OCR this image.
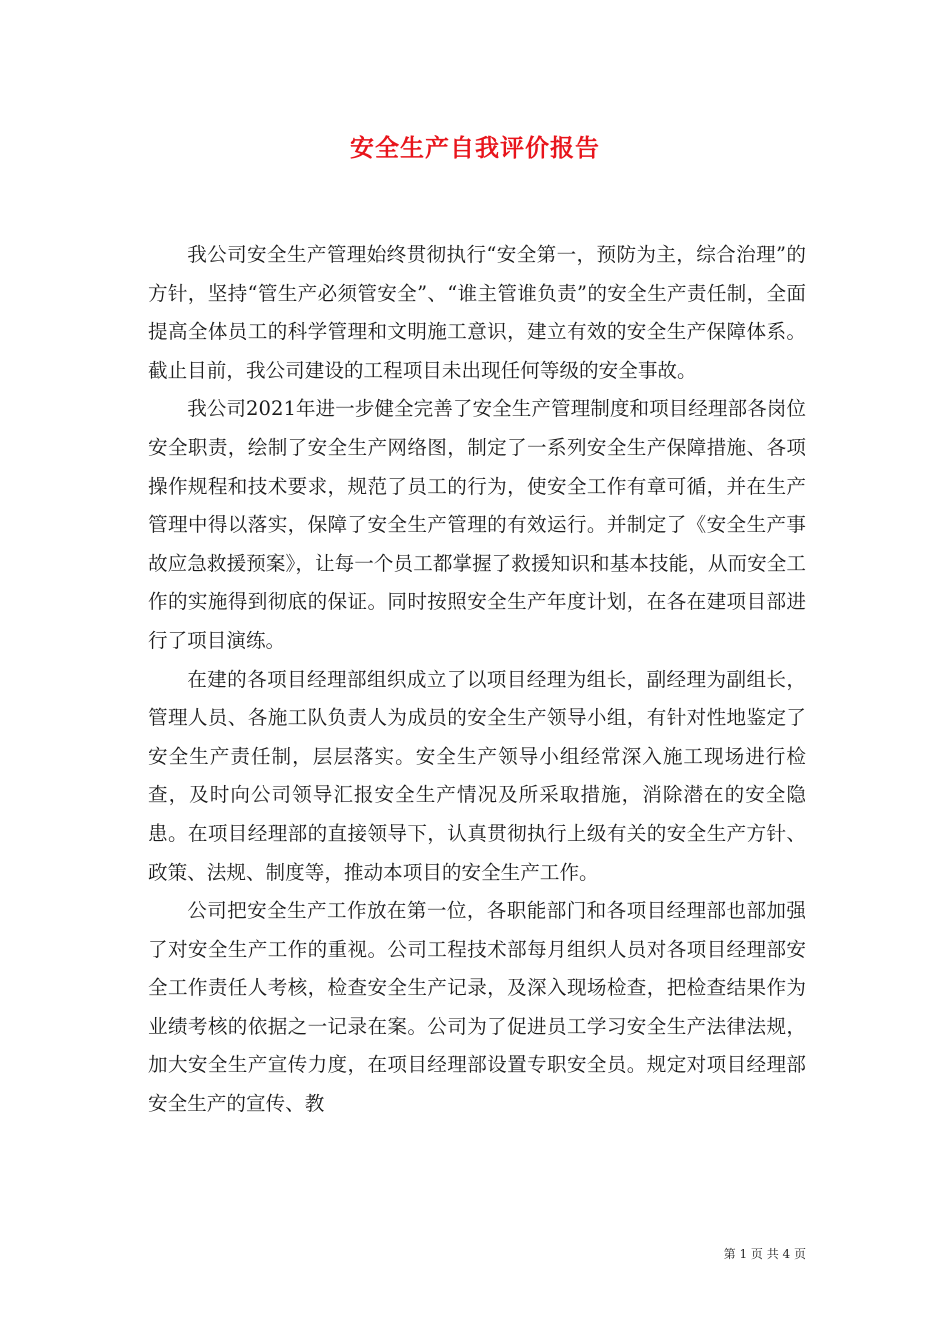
安全生产自我评价报告

我公司安全生产管理始终贯彻执行“安全第一，预防为主，综合治理”的方针，坚持“管生产必须管安全”、“谁主管谁负责”的安全生产责任制，全面提高全体员工的科学管理和文明施工意识，建立有效的安全生产保障体系。截止目前，我公司建设的工程项目未出现任何等级的安全事故。

我公司2021年进一步健全完善了安全生产管理制度和项目经理部各岗位安全职责，绘制了安全生产网络图，制定了一系列安全生产保障措施、各项操作规程和技术要求，规范了员工的行为，使安全工作有章可循，并在生产管理中得以落实，保障了安全生产管理的有效运行。并制定了《安全生产事故应急救援预案》，让每一个员工都掌握了救援知识和基本技能，从而安全工作的实施得到彻底的保证。同时按照安全生产年度计划，在各在建项目部进行了项目演练。

在建的各项目经理部组织成立了以项目经理为组长，副经理为副组长，管理人员、各施工队负责人为成员的安全生产领导小组，有针对性地鉴定了安全生产责任制，层层落实。安全生产领导小组经常深入施工现场进行检查，及时向公司领导汇报安全生产情况及所采取措施，消除潜在的安全隐患。在项目经理部的直接领导下，认真贯彻执行上级有关的安全生产方针、政策、法规、制度等，推动本项目的安全生产工作。

公司把安全生产工作放在第一位，各职能部门和各项目经理部也部加强了对安全生产工作的重视。公司工程技术部每月组织人员对各项目经理部安全工作责任人考核，检查安全生产记录，及深入现场检查，把检查结果作为业绩考核的依据之一记录在案。公司为了促进员工学习安全生产法律法规，加大安全生产宣传力度，在项目经理部设置专职安全员。规定对项目经理部安全生产的宣传、教

第 1 页 共 4 页
